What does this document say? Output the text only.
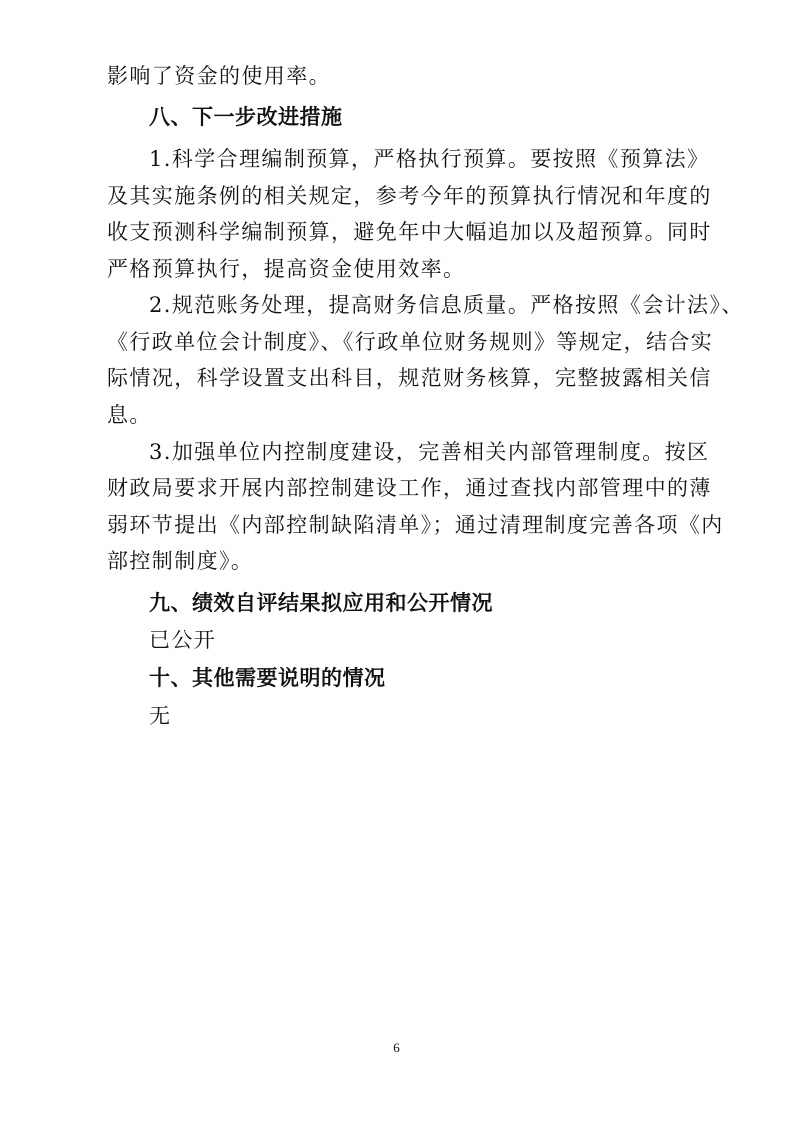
影响了资金的使用率。
八、下一步改进措施
1.科学合理编制预算，严格执行预算。要按照《预算法》
及其实施条例的相关规定，参考今年的预算执行情况和年度的
收支预测科学编制预算，避免年中大幅追加以及超预算。同时
严格预算执行，提高资金使用效率。
2.规范账务处理，提高财务信息质量。严格按照《会计法》、
《行政单位会计制度》、《行政单位财务规则》等规定，结合实
际情况，科学设置支出科目，规范财务核算，完整披露相关信
息。
3.加强单位内控制度建设，完善相关内部管理制度。按区
财政局要求开展内部控制建设工作，通过查找内部管理中的薄
弱环节提出《内部控制缺陷清单》；通过清理制度完善各项《内
部控制制度》。
九、绩效自评结果拟应用和公开情况
已公开
十、其他需要说明的情况
无
6
